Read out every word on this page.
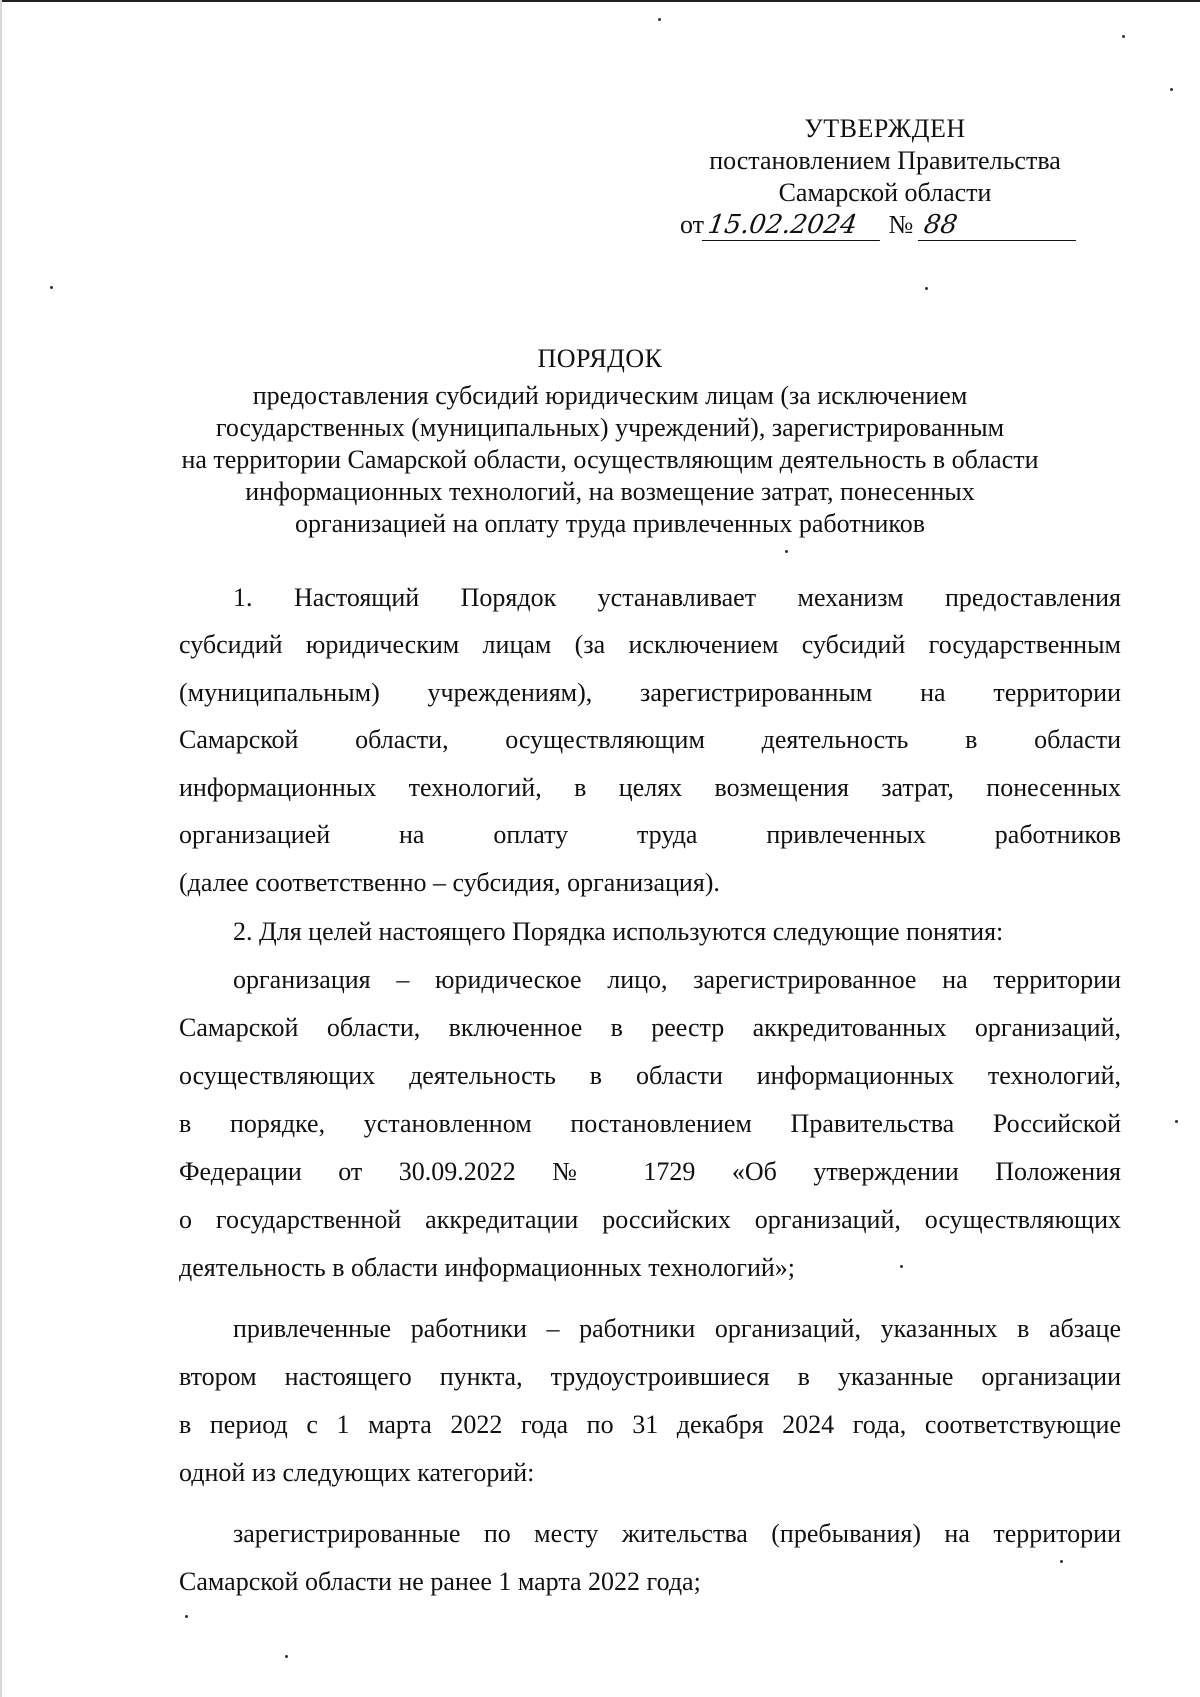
УТВЕРЖДЕН
постановлением Правительства
Самарской области
от15.02.2024 № 88
ПОРЯДОК
предоставления субсидий юридическим лицам (за исключением
государственных (муниципальных) учреждений), зарегистрированным
на территории Самарской области, осуществляющим деятельность в области
информационных технологий, на возмещение затрат, понесенных
организацией на оплату труда привлеченных работников
1. Настоящий Порядок устанавливает механизм предоставления
субсидий юридическим лицам (за исключением субсидий государственным
(муниципальным) учреждениям), зарегистрированным на территории
Самарской области, осуществляющим деятельность в области
информационных технологий, в целях возмещения затрат, понесенных
организацией на оплату труда привлеченных работников
(далее соответственно – субсидия, организация).
2. Для целей настоящего Порядка используются следующие понятия:
организация – юридическое лицо, зарегистрированное на территории
Самарской области, включенное в реестр аккредитованных организаций,
осуществляющих деятельность в области информационных технологий,
в порядке, установленном постановлением Правительства Российской
Федерации от 30.09.2022 № 1729 «Об утверждении Положения
о государственной аккредитации российских организаций, осуществляющих
деятельность в области информационных технологий»;
привлеченные работники – работники организаций, указанных в абзаце
втором настоящего пункта, трудоустроившиеся в указанные организации
в период с 1 марта 2022 года по 31 декабря 2024 года, соответствующие
одной из следующих категорий:
зарегистрированные по месту жительства (пребывания) на территории
Самарской области не ранее 1 марта 2022 года;
